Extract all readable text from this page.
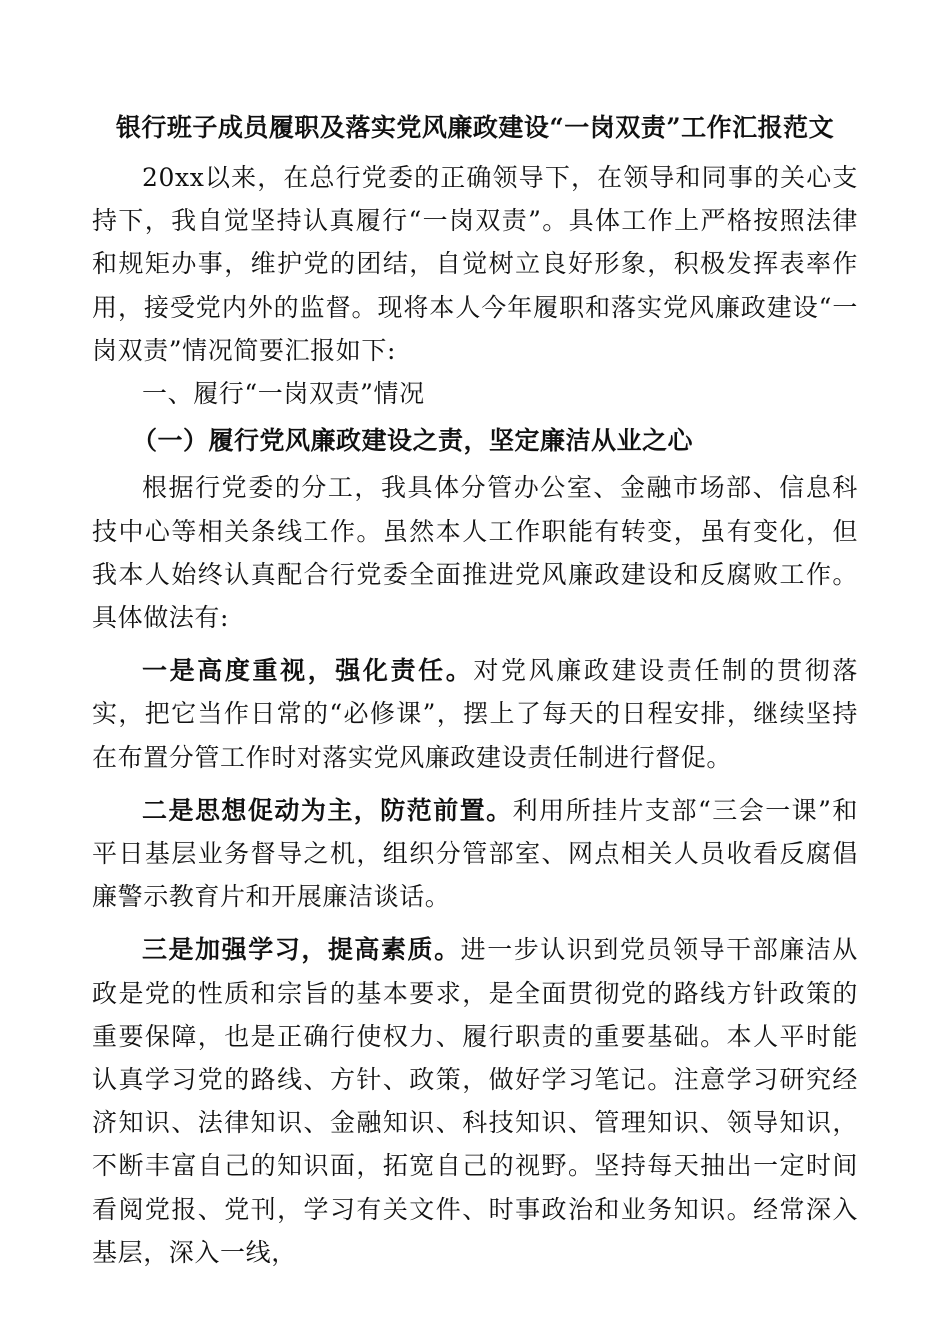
银行班子成员履职及落实党风廉政建设“一岗双责”工作汇报范文

20xx以来，在总行党委的正确领导下，在领导和同事的关心支持下，我自觉坚持认真履行“一岗双责”。具体工作上严格按照法律和规矩办事，维护党的团结，自觉树立良好形象，积极发挥表率作用，接受党内外的监督。现将本人今年履职和落实党风廉政建设“一岗双责”情况简要汇报如下:

一、履行“一岗双责”情况

（一）履行党风廉政建设之责，坚定廉洁从业之心

根据行党委的分工，我具体分管办公室、金融市场部、信息科技中心等相关条线工作。虽然本人工作职能有转变，虽有变化，但我本人始终认真配合行党委全面推进党风廉政建设和反腐败工作。具体做法有:

一是高度重视，强化责任。对党风廉政建设责任制的贯彻落实，把它当作日常的“必修课”，摆上了每天的日程安排，继续坚持在布置分管工作时对落实党风廉政建设责任制进行督促。

二是思想促动为主，防范前置。利用所挂片支部“三会一课”和平日基层业务督导之机，组织分管部室、网点相关人员收看反腐倡廉警示教育片和开展廉洁谈话。

三是加强学习，提高素质。进一步认识到党员领导干部廉洁从政是党的性质和宗旨的基本要求，是全面贯彻党的路线方针政策的重要保障，也是正确行使权力、履行职责的重要基础。本人平时能认真学习党的路线、方针、政策，做好学习笔记。注意学习研究经济知识、法律知识、金融知识、科技知识、管理知识、领导知识，不断丰富自己的知识面，拓宽自己的视野。坚持每天抽出一定时间看阅党报、党刊，学习有关文件、时事政治和业务知识。经常深入基层，深入一线，
